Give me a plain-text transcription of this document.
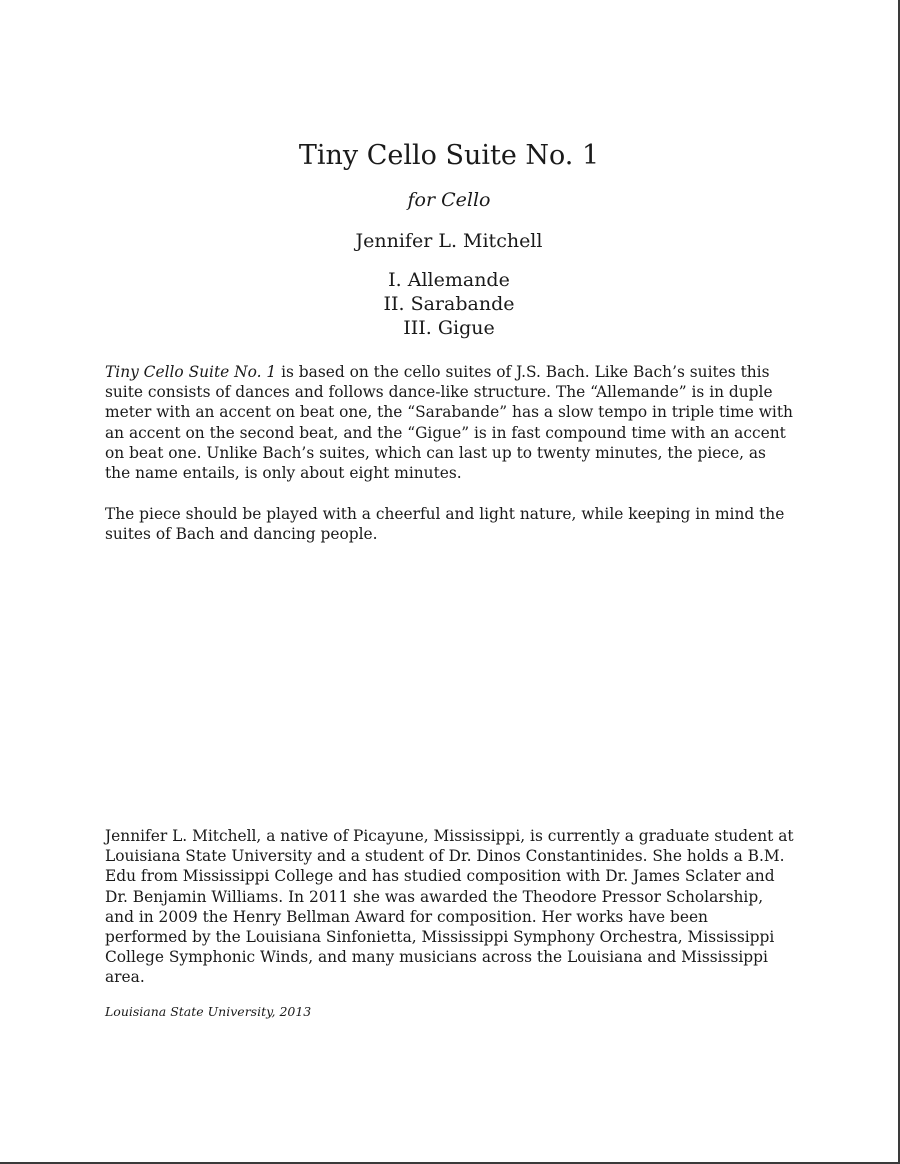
Tiny Cello Suite No. 1
for Cello
Jennifer L. Mitchell
I. Allemande
II. Sarabande
III. Gigue

Tiny Cello Suite No. 1 is based on the cello suites of J.S. Bach. Like Bach’s suites this suite consists of dances and follows dance-like structure. The “Allemande” is in duple meter with an accent on beat one, the “Sarabande” has a slow tempo in triple time with an accent on the second beat, and the “Gigue” is in fast compound time with an accent on beat one. Unlike Bach’s suites, which can last up to twenty minutes, the piece, as the name entails, is only about eight minutes.

The piece should be played with a cheerful and light nature, while keeping in mind the suites of Bach and dancing people.

Jennifer L. Mitchell, a native of Picayune, Mississippi, is currently a graduate student at Louisiana State University and a student of Dr. Dinos Constantinides. She holds a B.M. Edu from Mississippi College and has studied composition with Dr. James Sclater and Dr. Benjamin Williams. In 2011 she was awarded the Theodore Pressor Scholarship, and in 2009 the Henry Bellman Award for composition. Her works have been performed by the Louisiana Sinfonietta, Mississippi Symphony Orchestra, Mississippi College Symphonic Winds, and many musicians across the Louisiana and Mississippi area.

Louisiana State University, 2013
